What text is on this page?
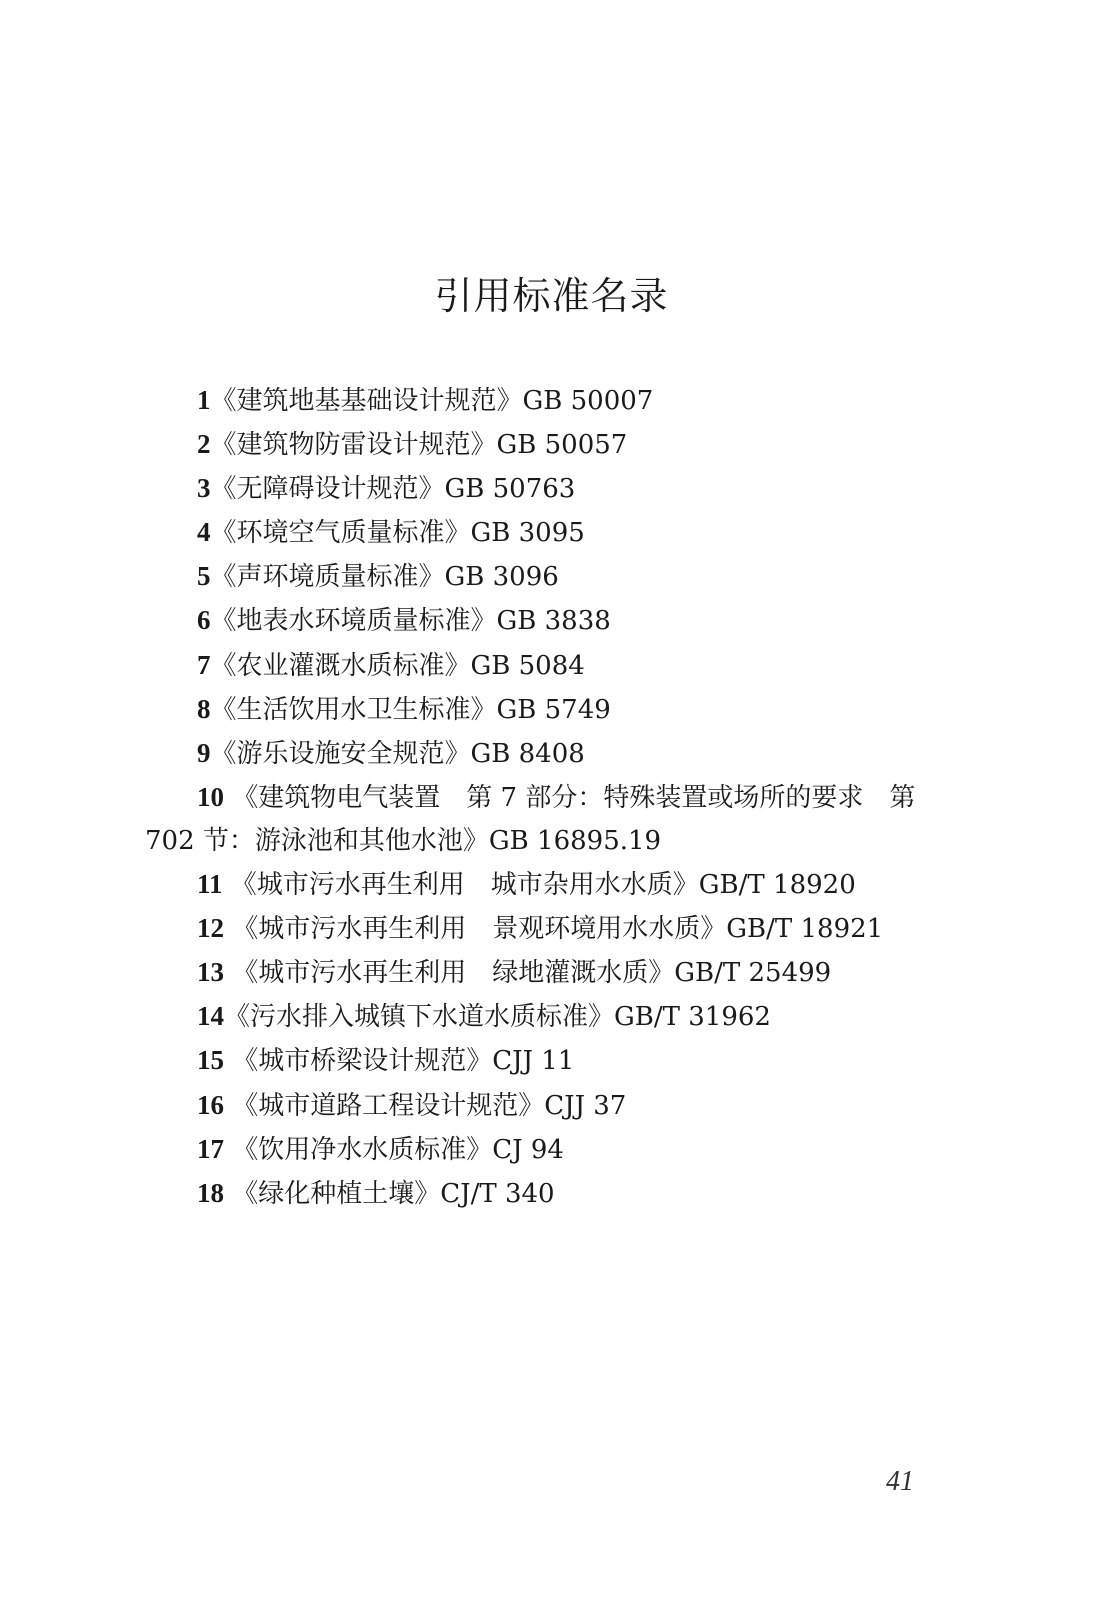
引用标准名录
1《建筑地基基础设计规范》GB 50007
2《建筑物防雷设计规范》GB 50057
3《无障碍设计规范》GB 50763
4《环境空气质量标准》GB 3095
5《声环境质量标准》GB 3096
6《地表水环境质量标准》GB 3838
7《农业灌溉水质标准》GB 5084
8《生活饮用水卫生标准》GB 5749
9《游乐设施安全规范》GB 8408
10 《建筑物电气装置　第 7 部分：特殊装置或场所的要求　第 702 节：游泳池和其他水池》GB 16895.19
11 《城市污水再生利用　城市杂用水水质》GB/T 18920
12 《城市污水再生利用　景观环境用水水质》GB/T 18921
13 《城市污水再生利用　绿地灌溉水质》GB/T 25499
14《污水排入城镇下水道水质标准》GB/T 31962
15 《城市桥梁设计规范》CJJ 11
16 《城市道路工程设计规范》CJJ 37
17 《饮用净水水质标准》CJ 94
18 《绿化种植土壤》CJ/T 340
41
